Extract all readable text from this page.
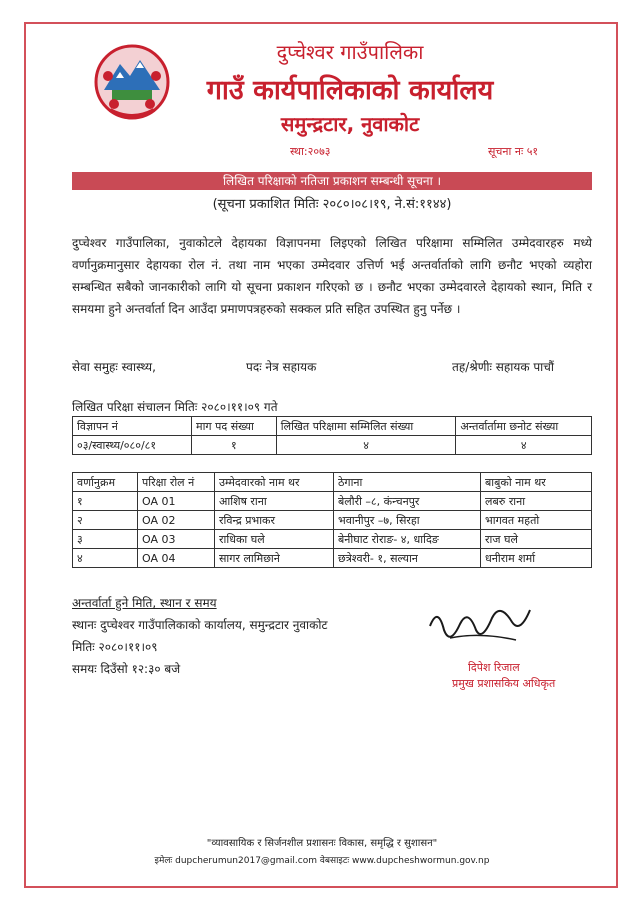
दुप्चेश्वर गाउँपालिका
गाउँ कार्यपालिकाको कार्यालय
समुन्द्रटार, नुवाकोट
स्था:२०७३	सूचना नः ५१
लिखित परिक्षाको नतिजा प्रकाशन सम्बन्धी सूचना ।
(सूचना प्रकाशित मितिः २०८०।०८।१९, ने.सं:११४४)
दुप्चेश्वर गाउँपालिका, नुवाकोटले देहायका विज्ञापनमा लिइएको लिखित परिक्षामा सम्मिलित उम्मेदवारहरु मध्ये वर्णानुक्रमानुसार देहायका रोल नं. तथा नाम भएका उम्मेदवार उत्तिर्ण भई अन्तर्वार्ताको लागि छनौट भएको व्यहोरा सम्बन्धित सबैको जानकारीको लागि यो सूचना प्रकाशन गरिएको छ । छनौट भएका उम्मेदवारले देहायको स्थान, मिति र समयमा हुने अन्तर्वार्ता दिन आउँदा प्रमाणपत्रहरुको सक्कल प्रति सहित उपस्थित हुनु पर्नेछ ।
सेवा समुहः स्वास्थ्य,	पदः नेत्र सहायक	तह/श्रेणीः सहायक पाचौं
लिखित परिक्षा संचालन मितिः २०८०।११।०९ गते
विज्ञापन नं	माग पद संख्या	लिखित परिक्षामा सम्मिलित संख्या	अन्तर्वार्तामा छनोट संख्या
०३/स्वास्थ्य/०८०/८१	१	४	४
वर्णानुक्रम	परिक्षा रोल नं	उम्मेदवारको नाम थर	ठेगाना	बाबुको नाम थर
१	OA 01	आशिष राना	बेलौरी –८, कंन्चनपुर	लबरु राना
२	OA 02	रविन्द्र प्रभाकर	भवानीपुर –७, सिरहा	भागवत महतो
३	OA 03	राधिका घले	बेनीघाट रोराङ- ४, धादिङ	राज घले
४	OA 04	सागर लामिछाने	छत्रेश्वरी- १, सल्यान	धनीराम शर्मा
अन्तर्वार्ता हुने मिति, स्थान र समय
स्थानः दुप्चेश्वर गाउँपालिकाको कार्यालय, समुन्द्रटार नुवाकोट
मितिः २०८०।११।०९
समयः दिउँसो १२:३० बजे	दिपेश रिजाल
प्रमुख प्रशासकिय अधिकृत
"व्यावसायिक र सिर्जनशील प्रशासनः विकास, समृद्धि र सुशासन"
इमेलः dupcherumun2017@gmail.com वेबसाइटः www.dupcheshwormun.gov.np
